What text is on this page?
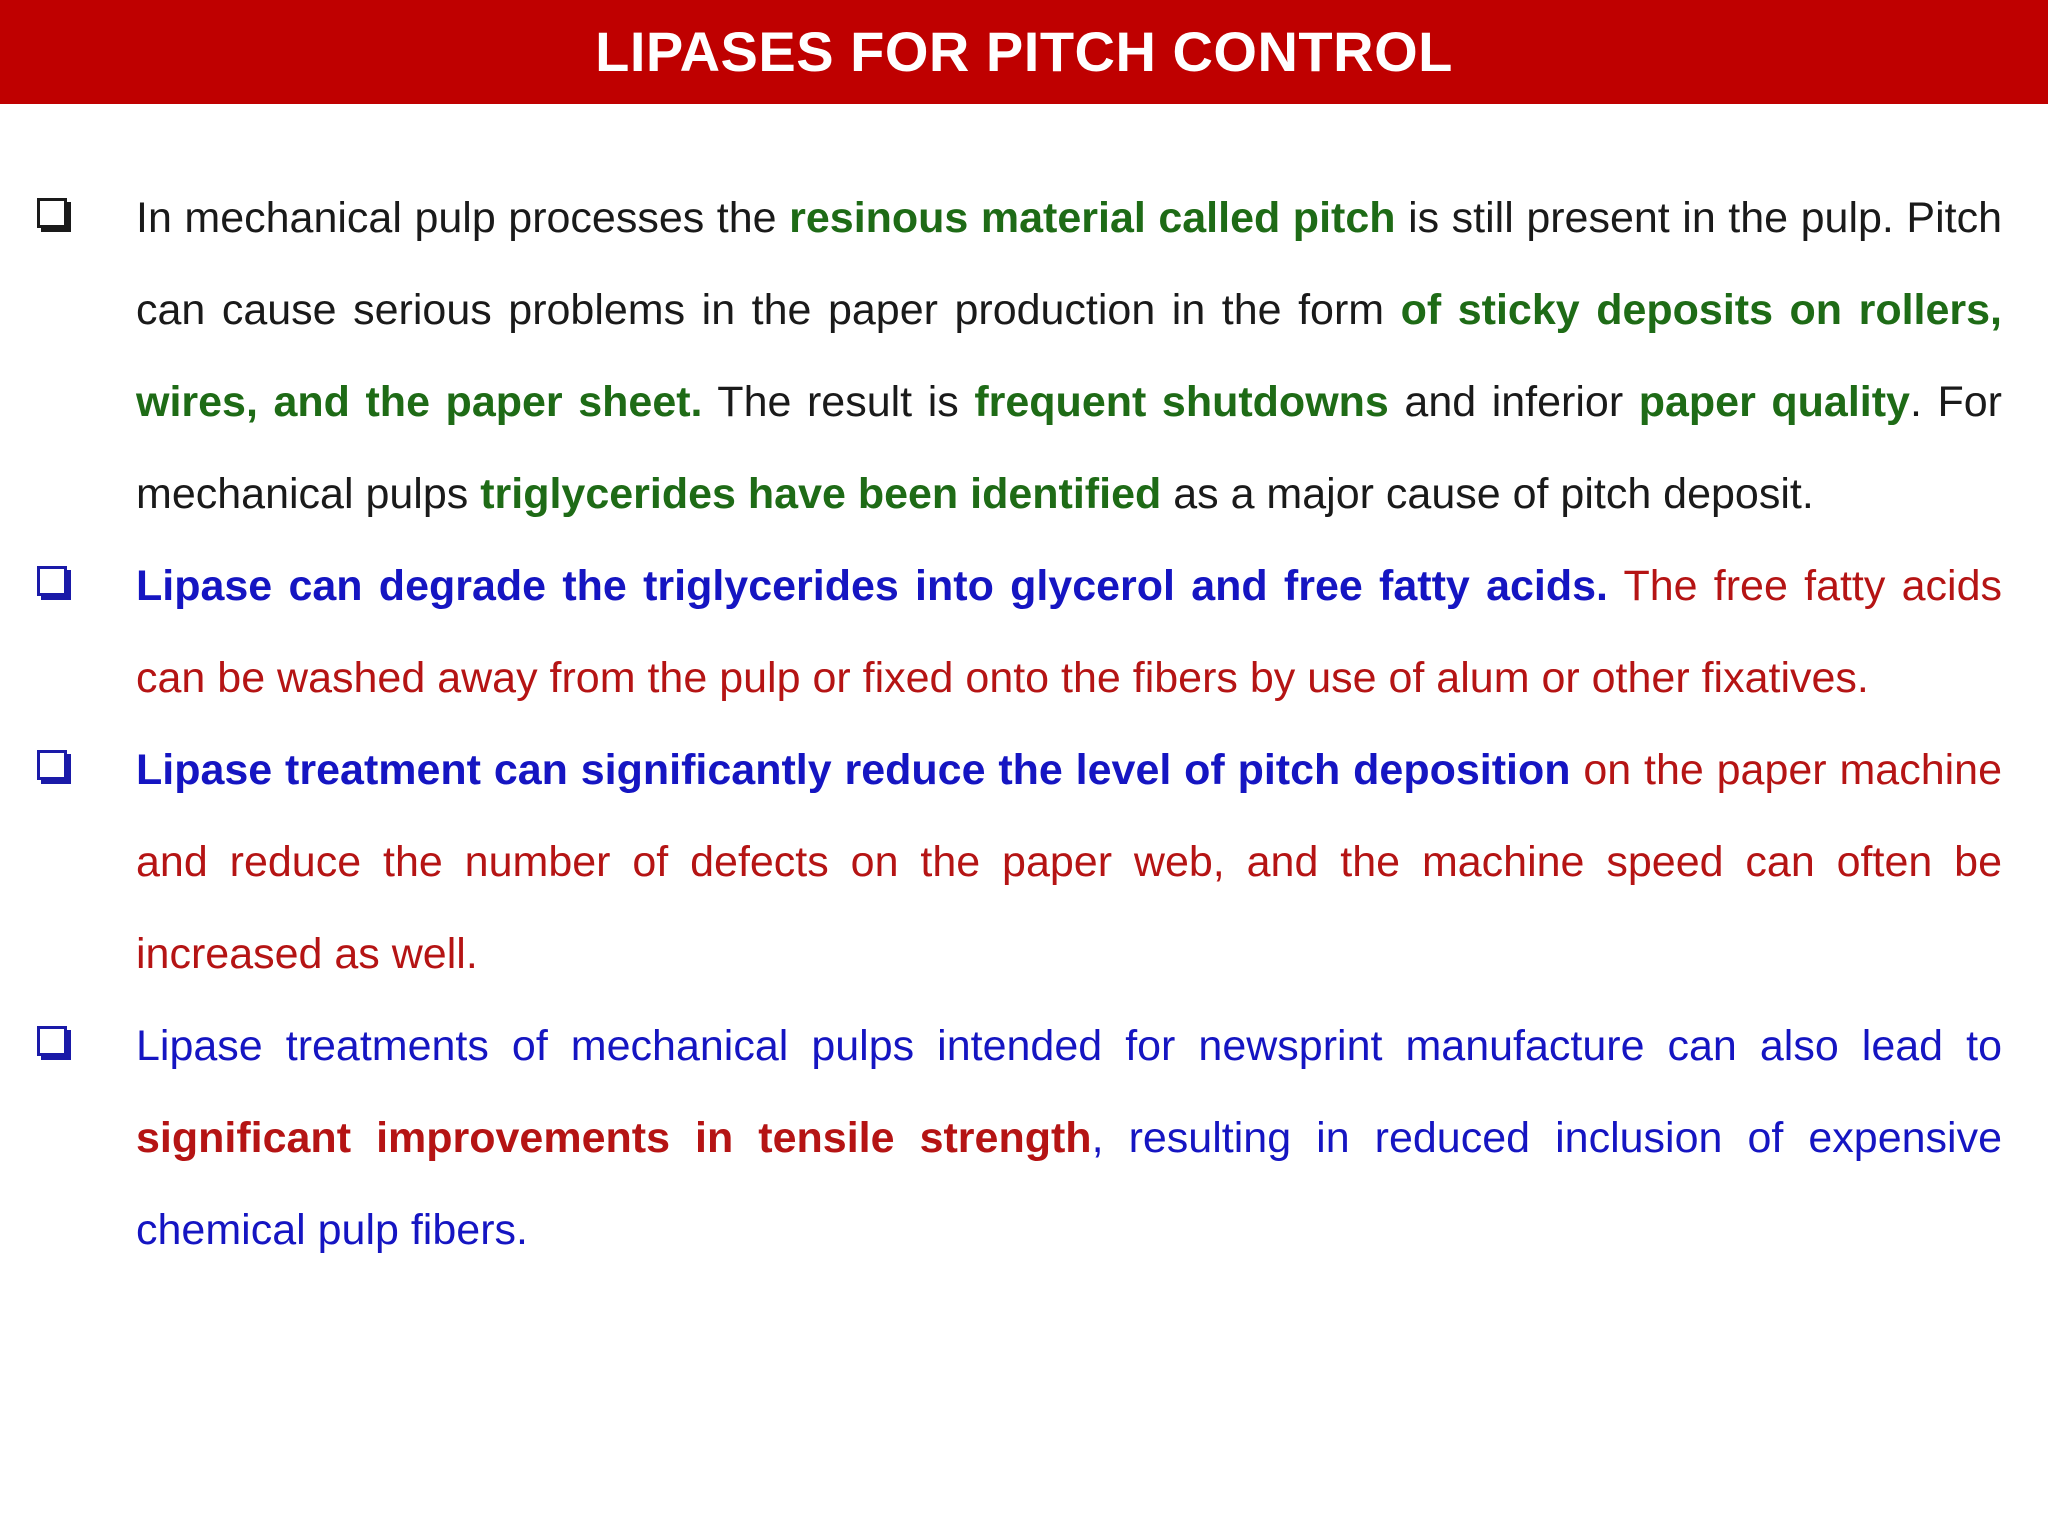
LIPASES FOR PITCH CONTROL
In mechanical pulp processes the resinous material called pitch is still present in the pulp. Pitch can cause serious problems in the paper production in the form of sticky deposits on rollers, wires, and the paper sheet. The result is frequent shutdowns and inferior paper quality. For mechanical pulps triglycerides have been identified as a major cause of pitch deposit.
Lipase can degrade the triglycerides into glycerol and free fatty acids. The free fatty acids can be washed away from the pulp or fixed onto the fibers by use of alum or other fixatives.
Lipase treatment can significantly reduce the level of pitch deposition on the paper machine and reduce the number of defects on the paper web, and the machine speed can often be increased as well.
Lipase treatments of mechanical pulps intended for newsprint manufacture can also lead to significant improvements in tensile strength, resulting in reduced inclusion of expensive chemical pulp fibers.
